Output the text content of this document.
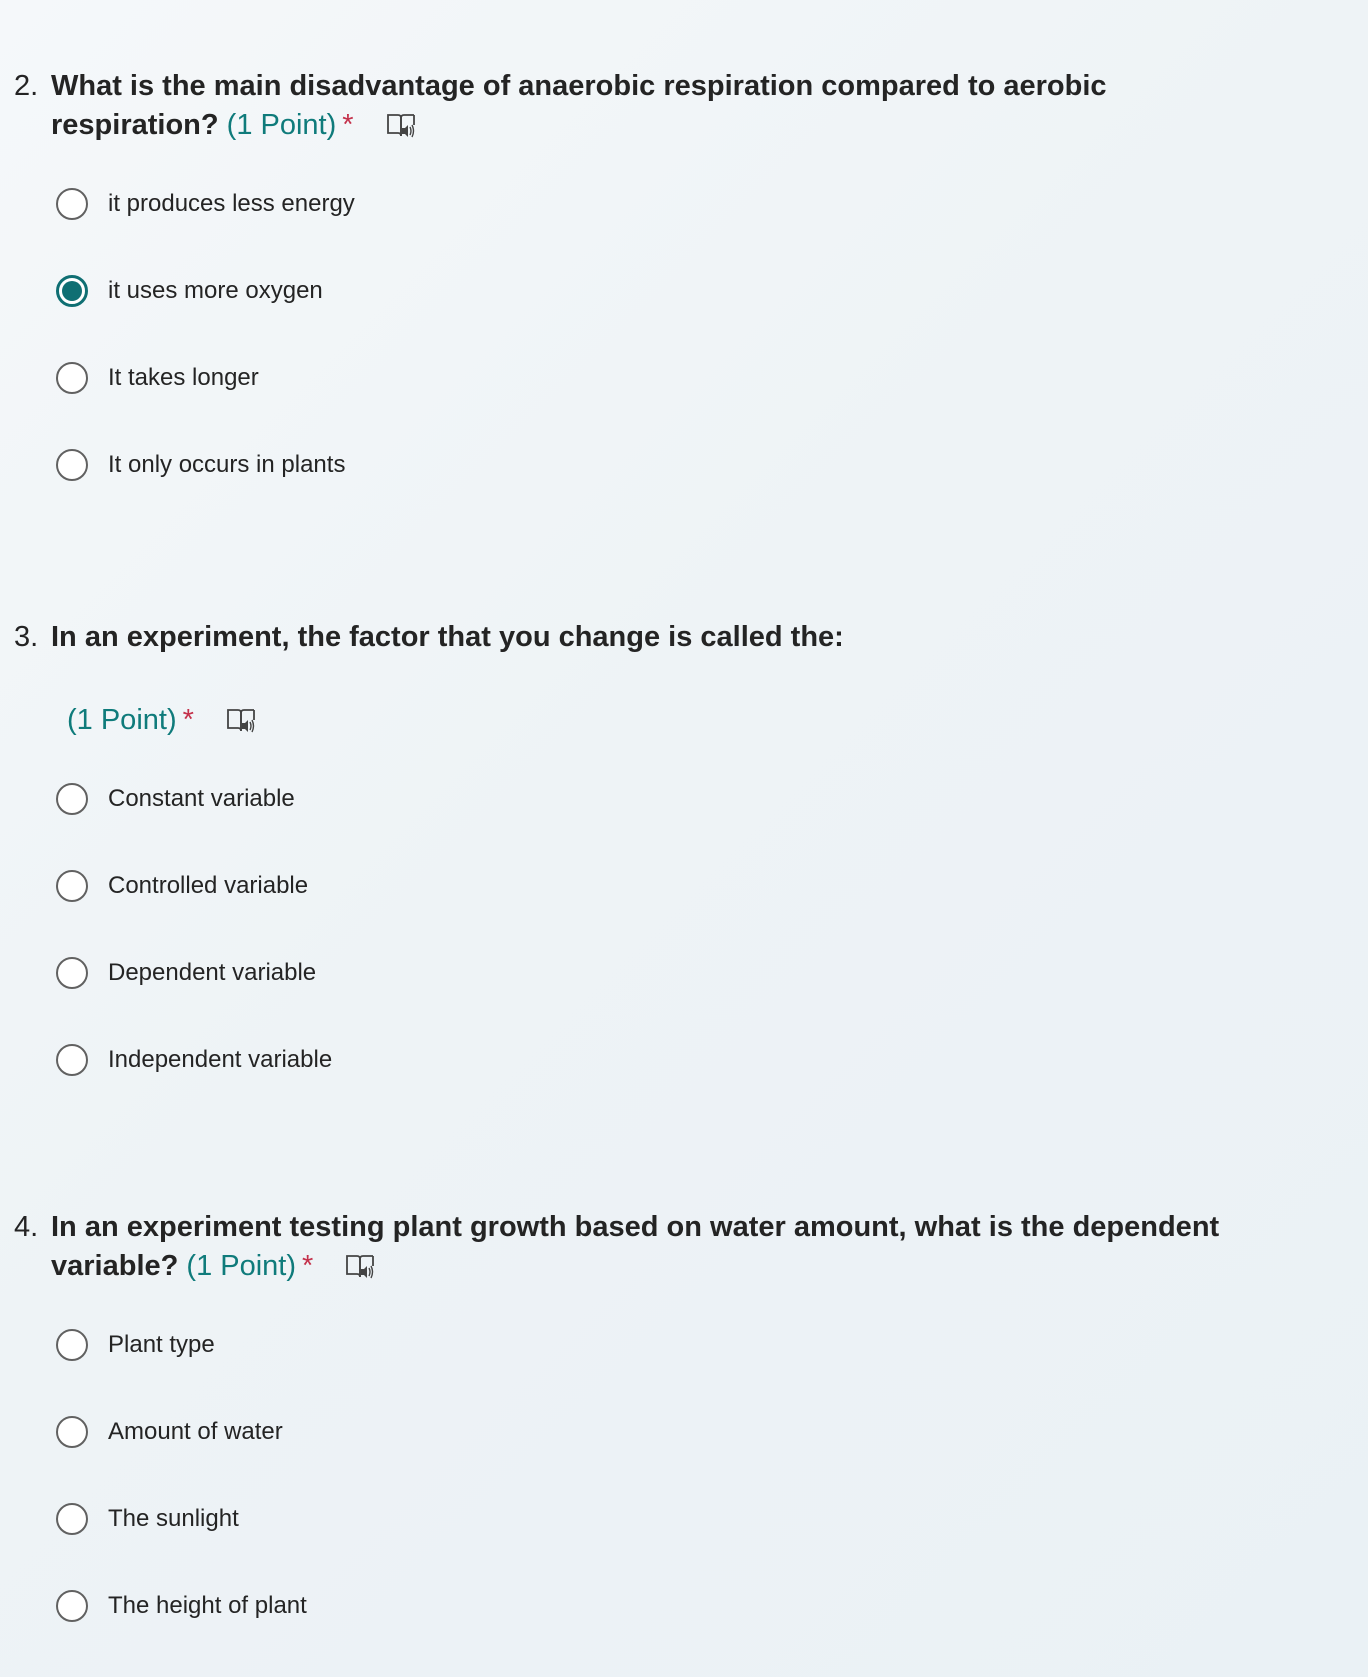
2. What is the main disadvantage of anaerobic respiration compared to aerobic respiration? (1 Point) *
it produces less energy
it uses more oxygen
It takes longer
It only occurs in plants
3. In an experiment, the factor that you change is called the:
(1 Point) *
Constant variable
Controlled variable
Dependent variable
Independent variable
4. In an experiment testing plant growth based on water amount, what is the dependent variable? (1 Point) *
Plant type
Amount of water
The sunlight
The height of plant
